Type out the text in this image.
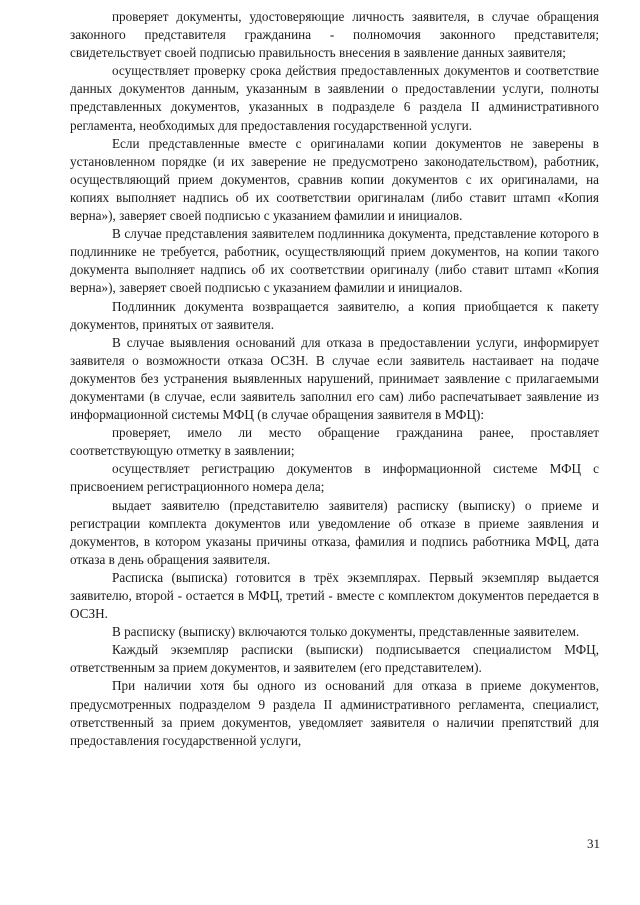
проверяет документы, удостоверяющие личность заявителя, в случае обращения законного представителя гражданина - полномочия законного представителя; свидетельствует своей подписью правильность внесения в заявление данных заявителя;

осуществляет проверку срока действия предоставленных документов и соответствие данных документов данным, указанным в заявлении о предоставлении услуги, полноты представленных документов, указанных в подразделе 6 раздела II административного регламента, необходимых для предоставления государственной услуги.

Если представленные вместе с оригиналами копии документов не заверены в установленном порядке (и их заверение не предусмотрено законодательством), работник, осуществляющий прием документов, сравнив копии документов с их оригиналами, на копиях выполняет надпись об их соответствии оригиналам (либо ставит штамп «Копия верна»), заверяет своей подписью с указанием фамилии и инициалов.

В случае представления заявителем подлинника документа, представление которого в подлиннике не требуется, работник, осуществляющий прием документов, на копии такого документа выполняет надпись об их соответствии оригиналу (либо ставит штамп «Копия верна»), заверяет своей подписью с указанием фамилии и инициалов.

Подлинник документа возвращается заявителю, а копия приобщается к пакету документов, принятых от заявителя.

В случае выявления оснований для отказа в предоставлении услуги, информирует заявителя о возможности отказа ОСЗН. В случае если заявитель настаивает на подаче документов без устранения выявленных нарушений, принимает заявление с прилагаемыми документами (в случае, если заявитель заполнил его сам) либо распечатывает заявление из информационной системы МФЦ (в случае обращения заявителя в МФЦ):

проверяет, имело ли место обращение гражданина ранее, проставляет соответствующую отметку в заявлении;

осуществляет регистрацию документов в информационной системе МФЦ с присвоением регистрационного номера дела;

выдает заявителю (представителю заявителя) расписку (выписку) о приеме и регистрации комплекта документов или уведомление об отказе в приеме заявления и документов, в котором указаны причины отказа, фамилия и подпись работника МФЦ, дата отказа в день обращения заявителя.

Расписка (выписка) готовится в трёх экземплярах. Первый экземпляр выдается заявителю, второй - остается в МФЦ, третий - вместе с комплектом документов передается в ОСЗН.

В расписку (выписку) включаются только документы, представленные заявителем.

Каждый экземпляр расписки (выписки) подписывается специалистом МФЦ, ответственным за прием документов, и заявителем (его представителем).

При наличии хотя бы одного из оснований для отказа в приеме документов, предусмотренных подразделом 9 раздела II административного регламента, специалист, ответственный за прием документов, уведомляет заявителя о наличии препятствий для предоставления государственной услуги,

31
